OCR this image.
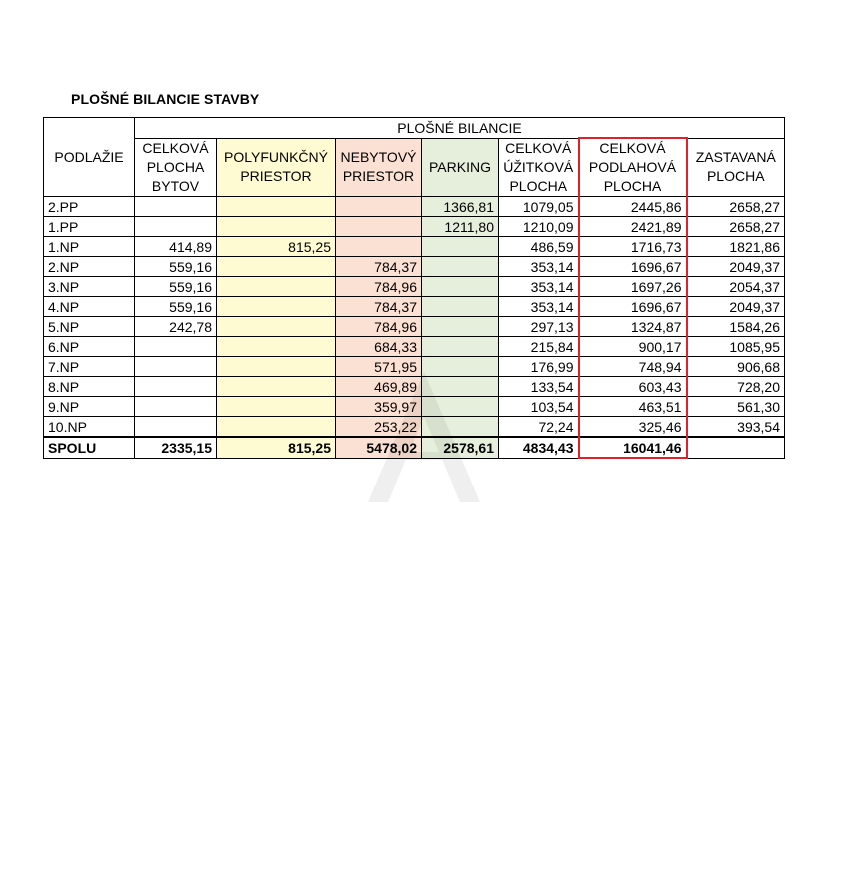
PLOŠNÉ BILANCIE STAVBY
PODLAŽIE	PLOŠNÉ BILANCIE						
	CELKOVÁ PLOCHA BYTOV	POLYFUNKČNÝ PRIESTOR	NEBYTOVÝ PRIESTOR	PARKING	CELKOVÁ ÚŽITKOVÁ PLOCHA	CELKOVÁ PODLAHOVÁ PLOCHA	ZASTAVANÁ PLOCHA
2.PP				1366,81	1079,05	2445,86	2658,27
1.PP				1211,80	1210,09	2421,89	2658,27
1.NP	414,89	815,25			486,59	1716,73	1821,86
2.NP	559,16		784,37		353,14	1696,67	2049,37
3.NP	559,16		784,96		353,14	1697,26	2054,37
4.NP	559,16		784,37		353,14	1696,67	2049,37
5.NP	242,78		784,96		297,13	1324,87	1584,26
6.NP			684,33		215,84	900,17	1085,95
7.NP			571,95		176,99	748,94	906,68
8.NP			469,89		133,54	603,43	728,20
9.NP			359,97		103,54	463,51	561,30
10.NP			253,22		72,24	325,46	393,54
SPOLU	2335,15	815,25	5478,02	2578,61	4834,43	16041,46	
